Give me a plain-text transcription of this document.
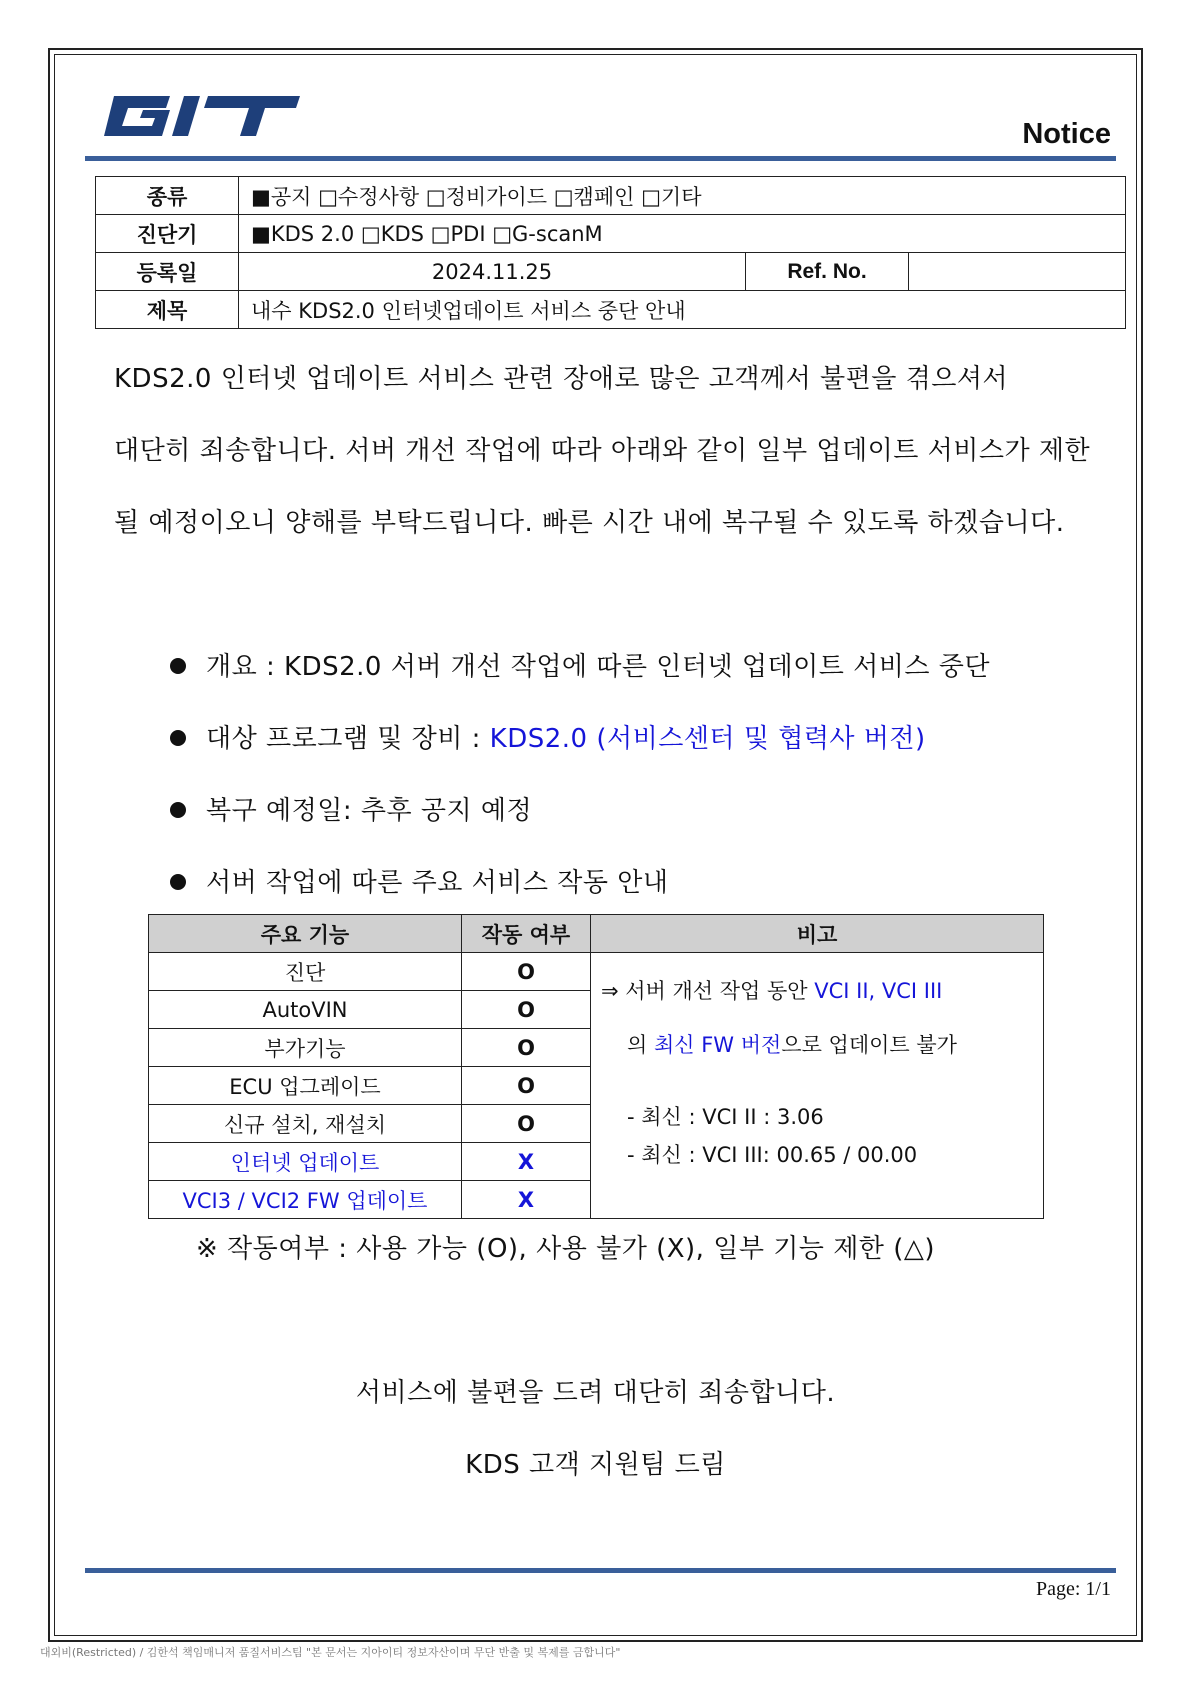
Notice
종류	■공지 □수정사항 □정비가이드 □캠페인 □기타		
진단기	■KDS 2.0 □KDS □PDI □G-scanM		
등록일	2024.11.25	Ref. No.	
제목	내수 KDS2.0 인터넷업데이트 서비스 중단 안내		
KDS2.0 인터넷 업데이트 서비스 관련 장애로 많은 고객께서 불편을 겪으셔서
대단히 죄송합니다. 서버 개선 작업에 따라 아래와 같이 일부 업데이트 서비스가 제한
될 예정이오니 양해를 부탁드립니다. 빠른 시간 내에 복구될 수 있도록 하겠습니다.
개요 : KDS2.0 서버 개선 작업에 따른 인터넷 업데이트 서비스 중단
대상 프로그램 및 장비 : KDS2.0 (서비스센터 및 협력사 버전)
복구 예정일: 추후 공지 예정
서버 작업에 따른 주요 서비스 작동 안내
주요 기능	작동 여부	비고
진단	O	⇒ 서버 개선 작업 동안 VCI II, VCI III
의 최신 FW 버전으로 업데이트 불가
- 최신 : VCI II : 3.06
- 최신 : VCI III: 00.65 / 00.00

AutoVIN	O	
부가기능	O	
ECU 업그레이드	O	
신규 설치, 재설치	O	
인터넷 업데이트	X	
VCI3 / VCI2 FW 업데이트	X	
※ 작동여부 : 사용 가능 (O), 사용 불가 (X), 일부 기능 제한 (△)
서비스에 불편을 드려 대단히 죄송합니다.
KDS 고객 지원팀 드림
Page: 1/1
대외비(Restricted) / 김한석 책임매니저 품질서비스팀 "본 문서는 지아이티 정보자산이며 무단 반출 및 복제를 금합니다"
